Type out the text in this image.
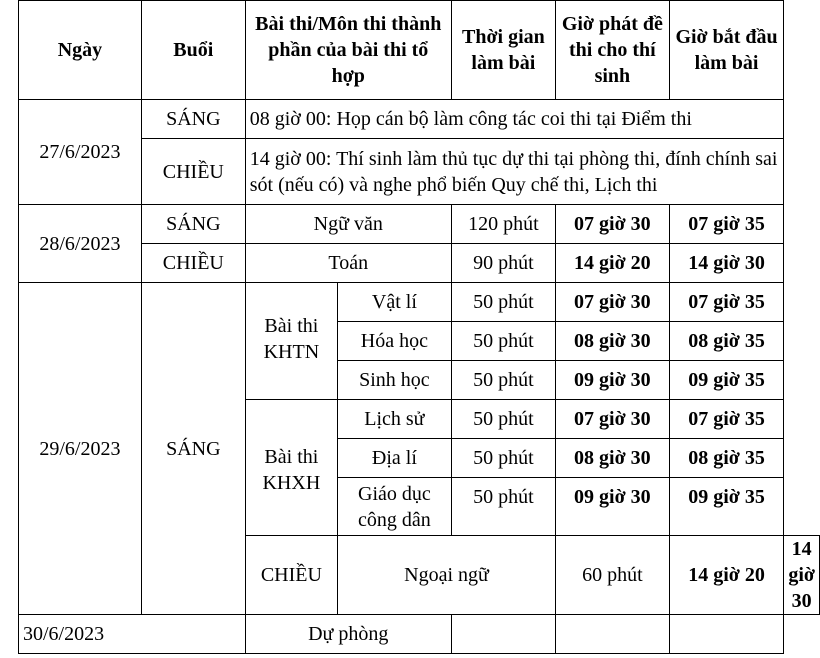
Ngày	Buổi	Bài thi/Môn thi thành phần của bài thi tổ hợp		Thời gian làm bài	Giờ phát đề thi cho thí sinh	Giờ bắt đầu làm bài	
27/6/2023	SÁNG	08 giờ 00: Họp cán bộ làm công tác coi thi tại Điểm thi					
	CHIỀU	14 giờ 00: Thí sinh làm thủ tục dự thi tại phòng thi, đính chính sai sót (nếu có) và nghe phổ biến Quy chế thi, Lịch thi					
28/6/2023	SÁNG	Ngữ văn		120 phút	07 giờ 30	07 giờ 35	
	CHIỀU	Toán		90 phút	14 giờ 20	14 giờ 30	
29/6/2023	SÁNG	Bài thi KHTN	Vật lí	50 phút	07 giờ 30	07 giờ 35	
			Hóa học	50 phút	08 giờ 30	08 giờ 35	
			Sinh học	50 phút	09 giờ 30	09 giờ 35	
		Bài thi KHXH	Lịch sử	50 phút	07 giờ 30	07 giờ 35	
			Địa lí	50 phút	08 giờ 30	08 giờ 35	
			Giáo dục công dân	50 phút	09 giờ 30	09 giờ 35	
		CHIỀU	Ngoại ngữ		60 phút	14 giờ 20	14 giờ 30
30/6/2023		Dự phòng					
